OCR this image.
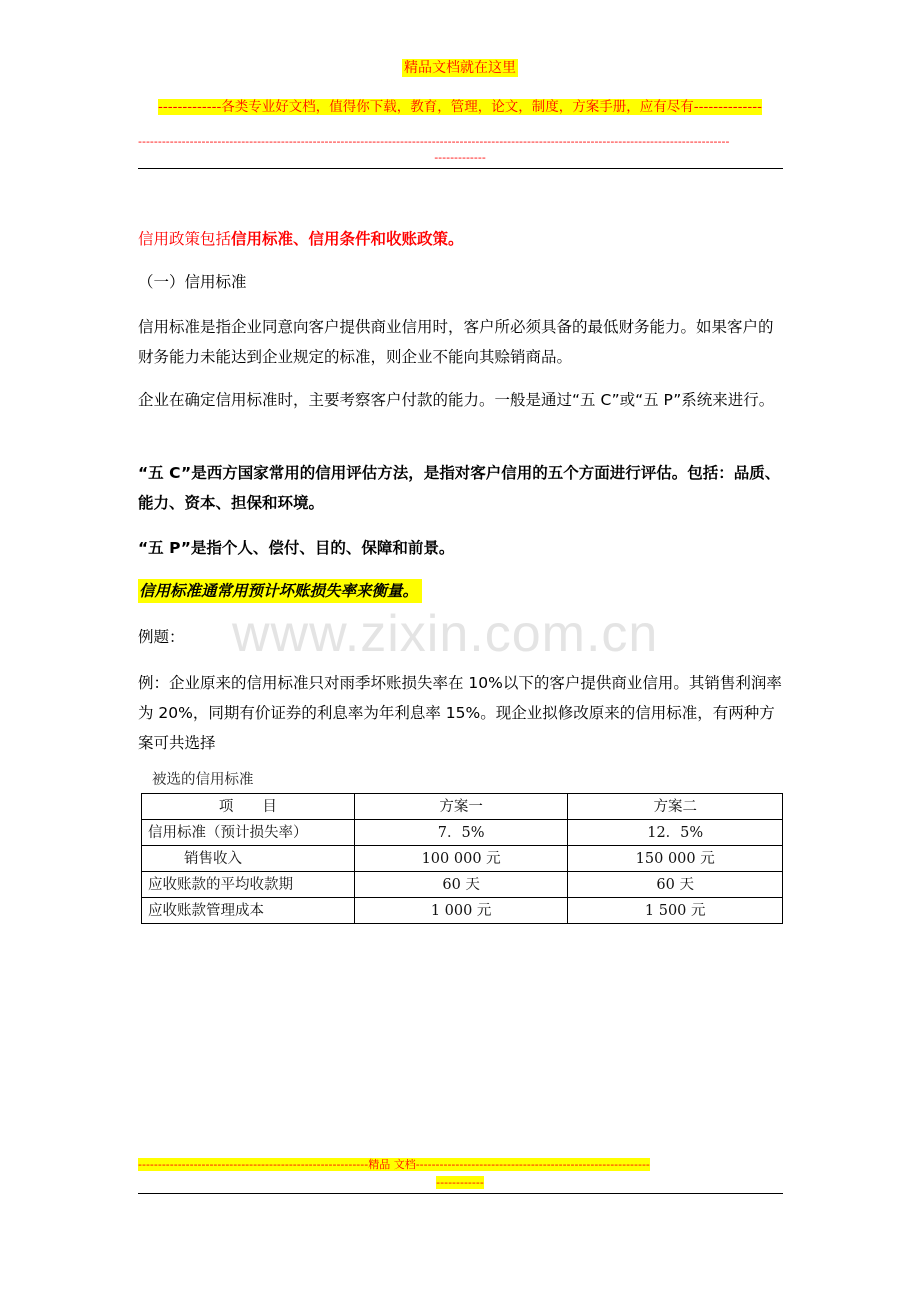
精品文档就在这里
-------------各类专业好文档，值得你下载，教育，管理，论文，制度，方案手册，应有尽有--------------
-----------------------------------------------------------------------------------------------------------------------------------------------------
-------------
www.zixin.com.cn
信用政策包括信用标准、信用条件和收账政策。
（一）信用标准
信用标准是指企业同意向客户提供商业信用时，客户所必须具备的最低财务能力。如果客户的财务能力未能达到企业规定的标准，则企业不能向其赊销商品。
企业在确定信用标准时，主要考察客户付款的能力。一般是通过“五 C”或“五 P”系统来进行。
“五 C”是西方国家常用的信用评估方法，是指对客户信用的五个方面进行评估。包括：品质、能力、资本、担保和环境。
“五 P”是指个人、偿付、目的、保障和前景。
信用标准通常用预计坏账损失率来衡量。
例题：
例：企业原来的信用标准只对雨季坏账损失率在 10%以下的客户提供商业信用。其销售利润率为 20%，同期有价证券的利息率为年利息率 15%。现企业拟修改原来的信用标准，有两种方案可共选择
被选的信用标准
项　　目	方案一	方案二
信用标准（预计损失率）	7．5%	12．5%
销售收入	100 000 元	150 000 元
应收账款的平均收款期	60 天	60 天
应收账款管理成本	1 000 元	1 500 元
----------------------------------------------------------精品 文档-----------------------------------------------------------
------------
